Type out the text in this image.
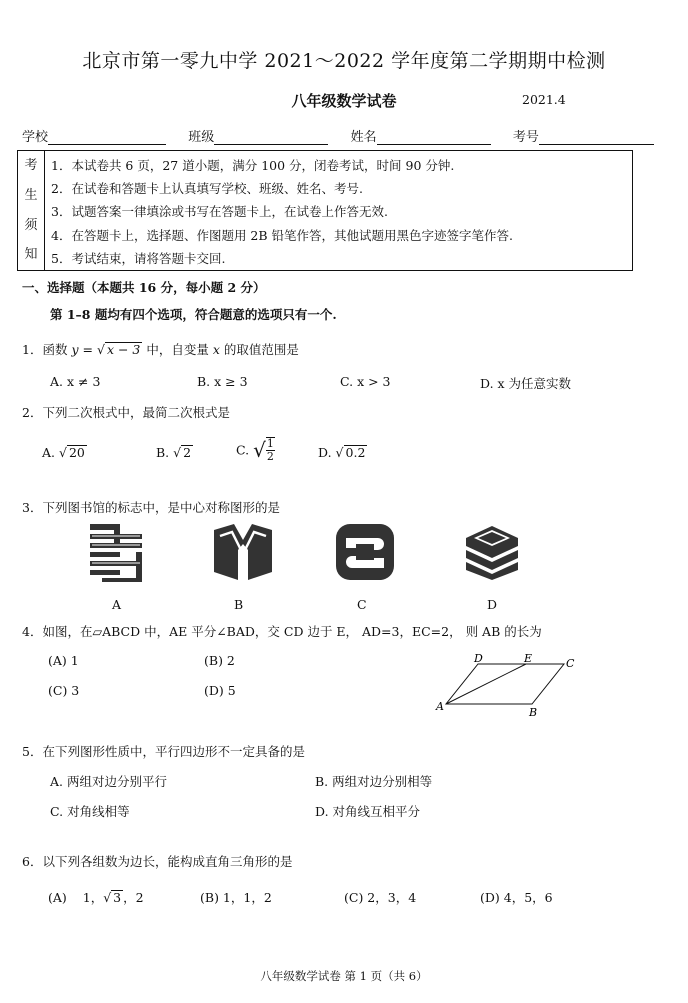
北京市第一零九中学 2021～2022 学年度第二学期期中检测
八年级数学试卷	2021.4
学校	班级	姓名	考号
考
生
须
知
1．本试卷共 6 页，27 道小题，满分 100 分，闭卷考试，时间 90 分钟.
2．在试卷和答题卡上认真填写学校、班级、姓名、考号.
3．试题答案一律填涂或书写在答题卡上，在试卷上作答无效.
4．在答题卡上，选择题、作图题用 2B 铅笔作答，其他试题用黑色字迹签字笔作答.
5．考试结束，请将答题卡交回.
一、选择题（本题共 16 分，每小题 2 分）
第 1–8 题均有四个选项，符合题意的选项只有一个.
1．函数 y = √ x − 3 中，自变量 x 的取值范围是
A. x ≠ 3	B. x ≥ 3	C. x > 3	D. x 为任意实数
2．下列二次根式中，最简二次根式是
A. √ 20	B. √ 2	C. √ $\frac{1}{2}$	D. √ 0.2
3．下列图书馆的标志中，是中心对称图形的是
A	B	C	D
4．如图，在▱ABCD 中，AE 平分∠BAD，交 CD 边于 E， AD=3，EC=2， 则 AB 的长为
(A) 1	(B) 2
(C) 3	(D) 5
D	E	C
A	B
5．在下列图形性质中，平行四边形不一定具备的是
A. 两组对边分别平行	B. 两组对边分别相等
C. 对角线相等	D. 对角线互相平分
6．以下列各组数为边长，能构成直角三角形的是
(A) 1，√ 3 ，2	(B) 1，1，2	(C) 2，3，4	(D) 4，5，6
八年级数学试卷 第 1 页（共 6）
